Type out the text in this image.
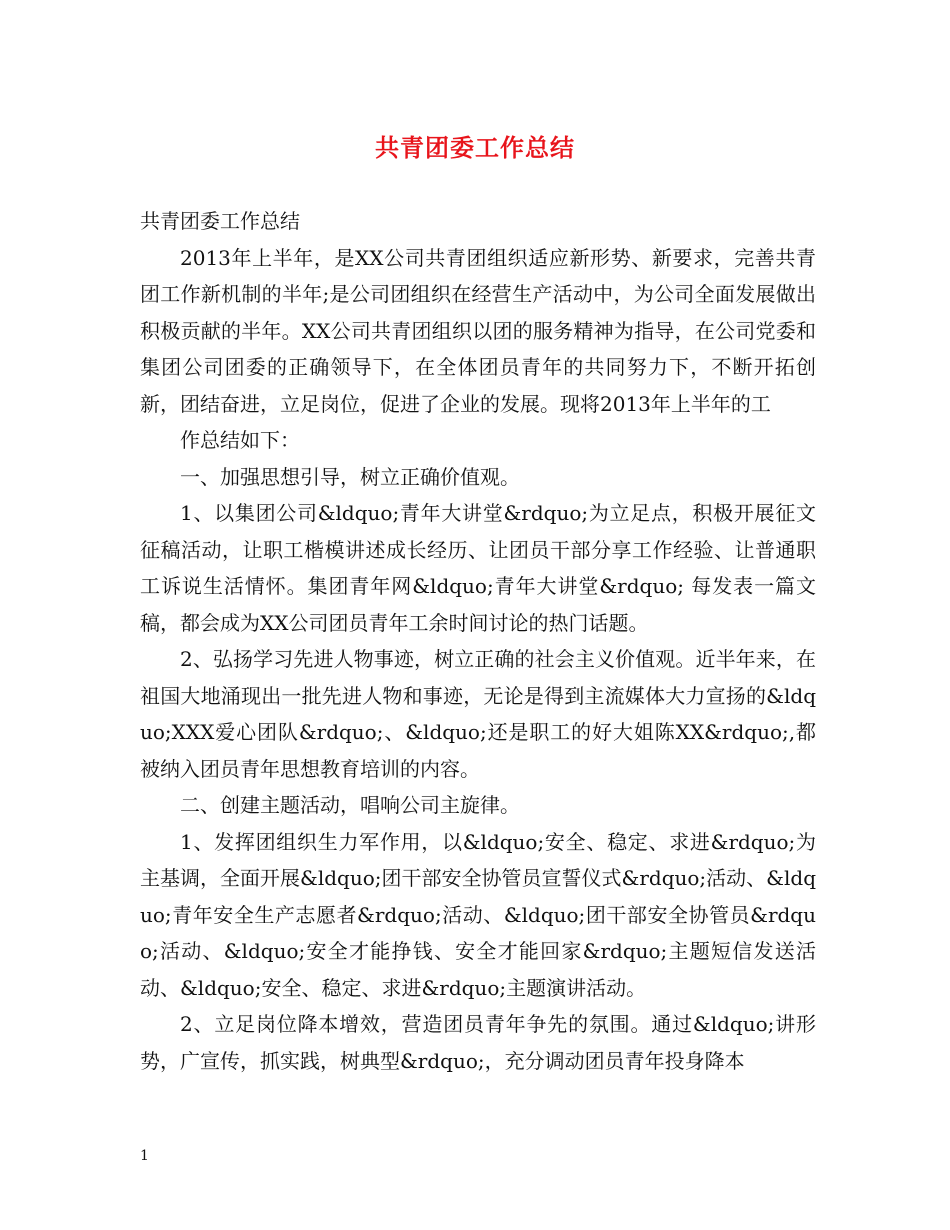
共青团委工作总结

共青团委工作总结

2013年上半年，是XX公司共青团组织适应新形势、新要求，完善共青团工作新机制的半年;是公司团组织在经营生产活动中，为公司全面发展做出积极贡献的半年。XX公司共青团组织以团的服务精神为指导，在公司党委和集团公司团委的正确领导下，在全体团员青年的共同努力下，不断开拓创新，团结奋进，立足岗位，促进了企业的发展。现将2013年上半年的工

作总结如下：

一、加强思想引导，树立正确价值观。

1、以集团公司&ldquo;青年大讲堂&rdquo;为立足点，积极开展征文征稿活动，让职工楷模讲述成长经历、让团员干部分享工作经验、让普通职工诉说生活情怀。集团青年网&ldquo;青年大讲堂&rdquo; 每发表一篇文稿，都会成为XX公司团员青年工余时间讨论的热门话题。

2、弘扬学习先进人物事迹，树立正确的社会主义价值观。近半年来，在祖国大地涌现出一批先进人物和事迹，无论是得到主流媒体大力宣扬的&ldquo;XXX爱心团队&rdquo;、&ldquo;还是职工的好大姐陈XX&rdquo;,都被纳入团员青年思想教育培训的内容。

二、创建主题活动，唱响公司主旋律。

1、发挥团组织生力军作用，以&ldquo;安全、稳定、求进&rdquo;为主基调，全面开展&ldquo;团干部安全协管员宣誓仪式&rdquo;活动、&ldquo;青年安全生产志愿者&rdquo;活动、&ldquo;团干部安全协管员&rdquo;活动、&ldquo;安全才能挣钱、安全才能回家&rdquo;主题短信发送活动、&ldquo;安全、稳定、求进&rdquo;主题演讲活动。

2、立足岗位降本增效，营造团员青年争先的氛围。通过&ldquo;讲形势，广宣传，抓实践，树典型&rdquo;，充分调动团员青年投身降本

1
